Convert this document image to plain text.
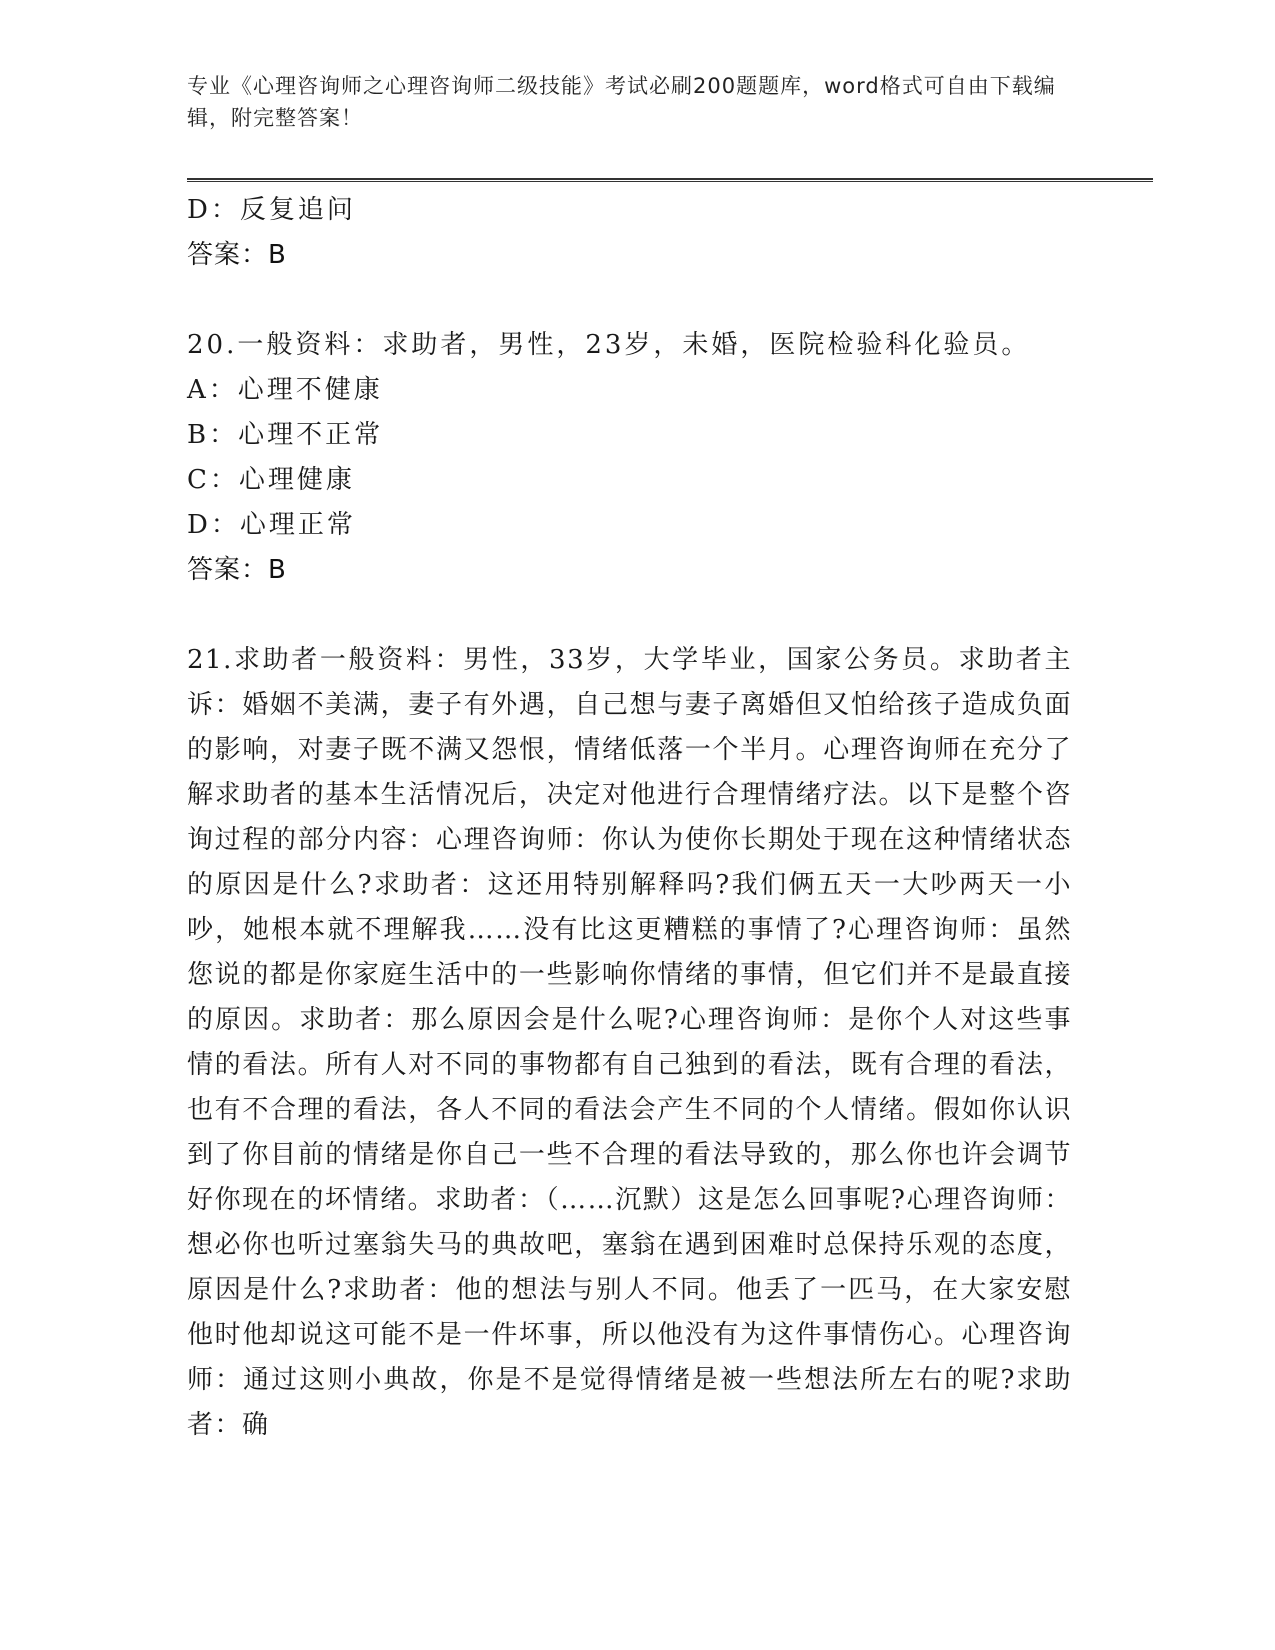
专业《心理咨询师之心理咨询师二级技能》考试必刷200题题库，word格式可自由下载编辑，附完整答案！
D：反复追问
答案：B
20.一般资料：求助者，男性，23岁，未婚，医院检验科化验员。
A：心理不健康
B：心理不正常
C：心理健康
D：心理正常
答案：B
21.求助者一般资料：男性，33岁，大学毕业，国家公务员。求助者主诉：婚姻不美满，妻子有外遇，自己想与妻子离婚但又怕给孩子造成负面的影响，对妻子既不满又怨恨，情绪低落一个半月。心理咨询师在充分了解求助者的基本生活情况后，决定对他进行合理情绪疗法。以下是整个咨询过程的部分内容：心理咨询师：你认为使你长期处于现在这种情绪状态的原因是什么?求助者：这还用特别解释吗?我们俩五天一大吵两天一小吵，她根本就不理解我……没有比这更糟糕的事情了?心理咨询师：虽然您说的都是你家庭生活中的一些影响你情绪的事情，但它们并不是最直接的原因。求助者：那么原因会是什么呢?心理咨询师：是你个人对这些事情的看法。所有人对不同的事物都有自己独到的看法，既有合理的看法，也有不合理的看法，各人不同的看法会产生不同的个人情绪。假如你认识到了你目前的情绪是你自己一些不合理的看法导致的，那么你也许会调节好你现在的坏情绪。求助者：（……沉默）这是怎么回事呢?心理咨询师：想必你也听过塞翁失马的典故吧，塞翁在遇到困难时总保持乐观的态度，原因是什么?求助者：他的想法与别人不同。他丢了一匹马，在大家安慰他时他却说这可能不是一件坏事，所以他没有为这件事情伤心。心理咨询师：通过这则小典故，你是不是觉得情绪是被一些想法所左右的呢?求助者：确
